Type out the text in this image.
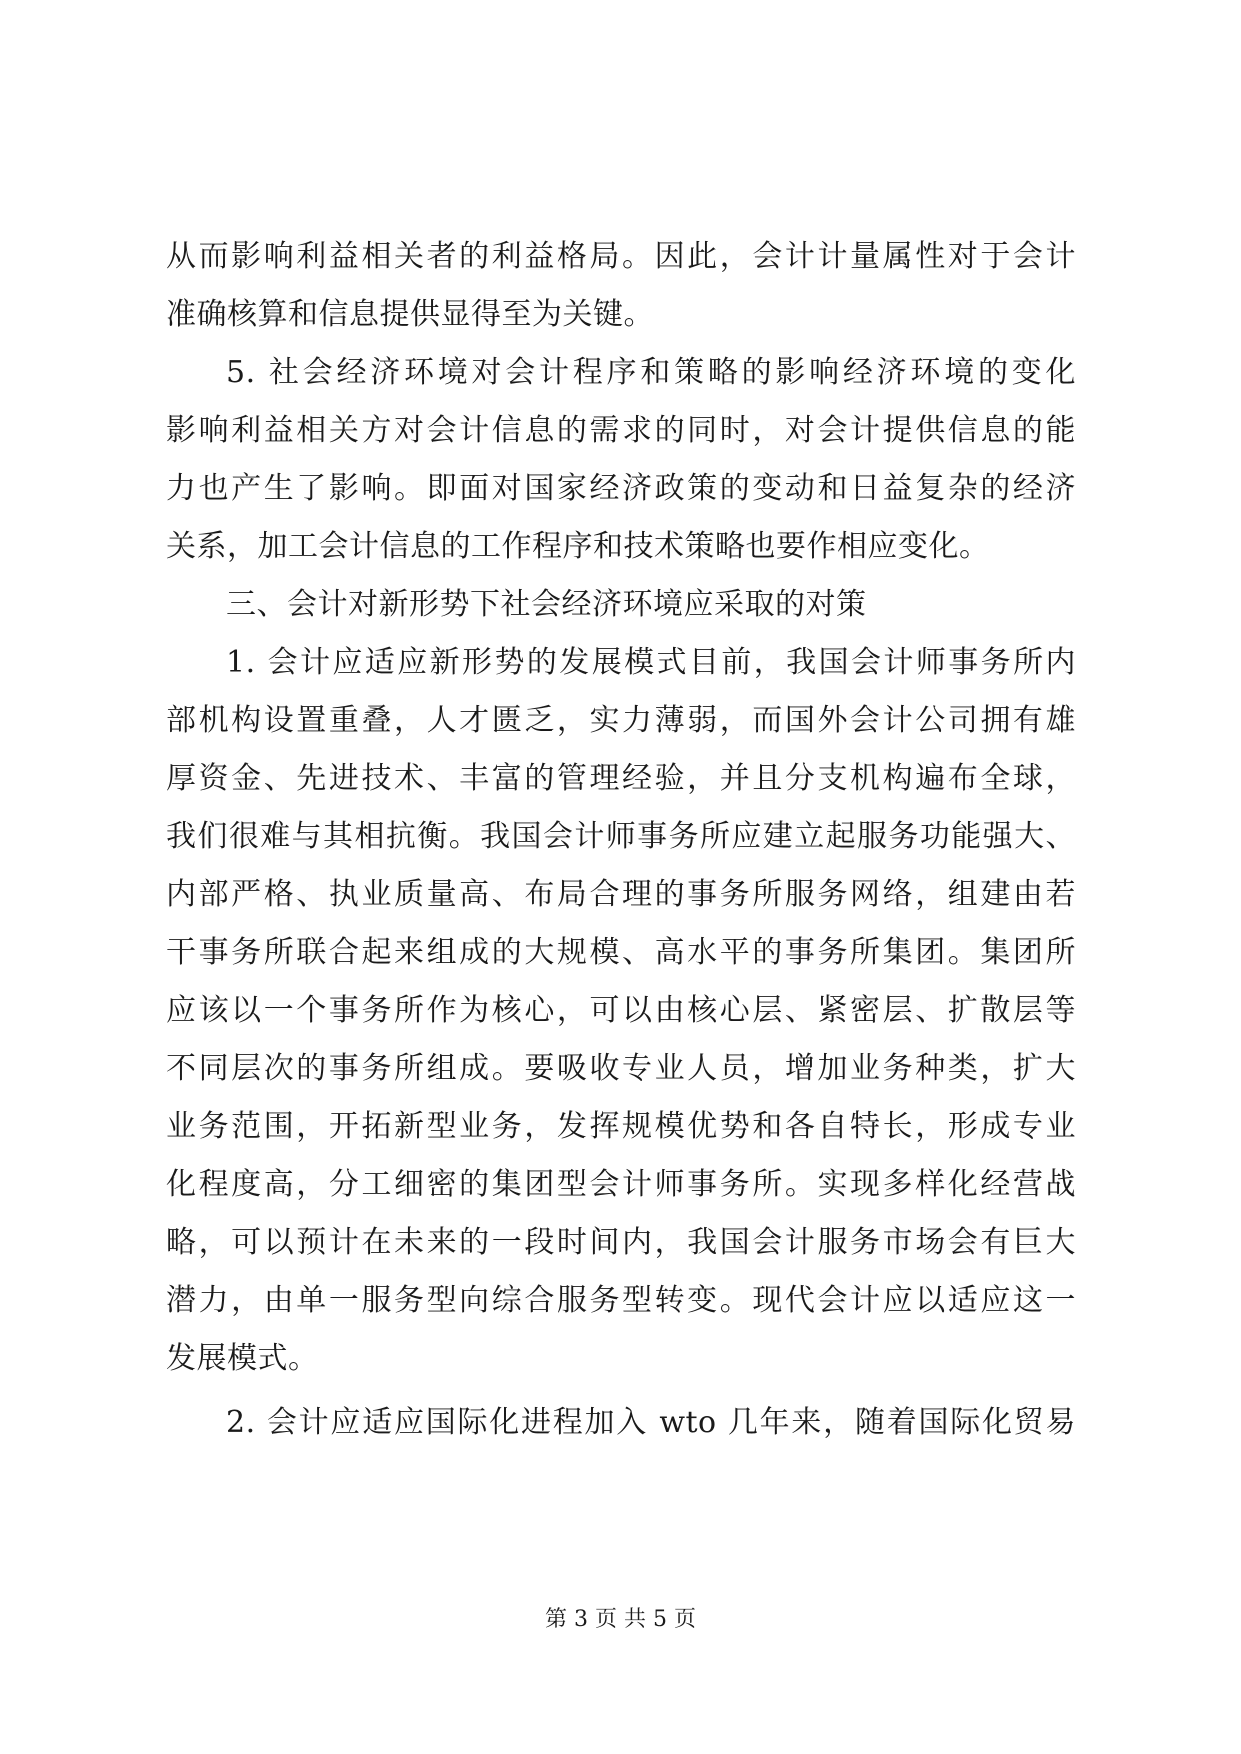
从而影响利益相关者的利益格局。因此，会计计量属性对于会计
准确核算和信息提供显得至为关键。
5. 社会经济环境对会计程序和策略的影响经济环境的变化
影响利益相关方对会计信息的需求的同时，对会计提供信息的能
力也产生了影响。即面对国家经济政策的变动和日益复杂的经济
关系，加工会计信息的工作程序和技术策略也要作相应变化。
三、会计对新形势下社会经济环境应采取的对策
1. 会计应适应新形势的发展模式目前，我国会计师事务所内
部机构设置重叠，人才匮乏，实力薄弱，而国外会计公司拥有雄
厚资金、先进技术、丰富的管理经验，并且分支机构遍布全球，
我们很难与其相抗衡。我国会计师事务所应建立起服务功能强大、
内部严格、执业质量高、布局合理的事务所服务网络，组建由若
干事务所联合起来组成的大规模、高水平的事务所集团。集团所
应该以一个事务所作为核心，可以由核心层、紧密层、扩散层等
不同层次的事务所组成。要吸收专业人员，增加业务种类，扩大
业务范围，开拓新型业务，发挥规模优势和各自特长，形成专业
化程度高，分工细密的集团型会计师事务所。实现多样化经营战
略，可以预计在未来的一段时间内，我国会计服务市场会有巨大
潜力，由单一服务型向综合服务型转变。现代会计应以适应这一
发展模式。
2. 会计应适应国际化进程加入 wto 几年来，随着国际化贸易
第 3 页 共 5 页
